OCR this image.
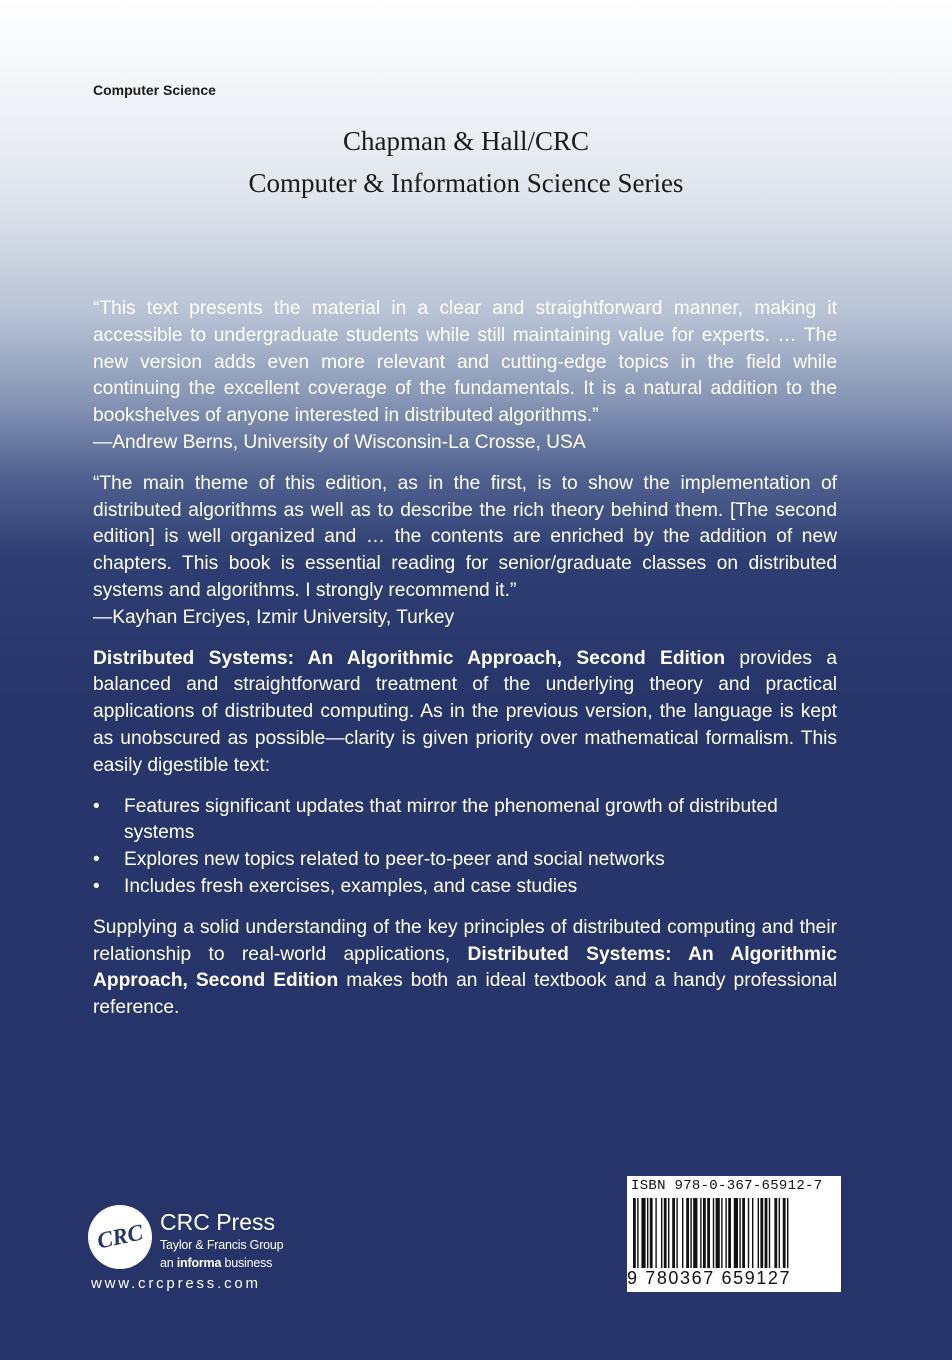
Computer Science
Chapman & Hall/CRC
Computer & Information Science Series

“This text presents the material in a clear and straightforward manner, making it accessible to undergraduate students while still maintaining value for experts. … The new version adds even more relevant and cutting-edge topics in the field while continuing the excellent coverage of the fundamentals. It is a natural addition to the bookshelves of anyone interested in distributed algorithms.”

—Andrew Berns, University of Wisconsin-La Crosse, USA

“The main theme of this edition, as in the first, is to show the implementation of distributed algorithms as well as to describe the rich theory behind them. [The second edition] is well organized and … the contents are enriched by the addition of new chapters. This book is essential reading for senior/graduate classes on distributed systems and algorithms. I strongly recommend it.”

—Kayhan Erciyes, Izmir University, Turkey

Distributed Systems: An Algorithmic Approach, Second Edition provides a balanced and straightforward treatment of the underlying theory and practical applications of distributed computing. As in the previous version, the language is kept as unobscured as possible—clarity is given priority over mathematical formalism. This easily digestible text:

• Features significant updates that mirror the phenomenal growth of distributed systems
• Explores new topics related to peer-to-peer and social networks
• Includes fresh exercises, examples, and case studies

Supplying a solid understanding of the key principles of distributed computing and their relationship to real-world applications, Distributed Systems: An Algorithmic Approach, Second Edition makes both an ideal textbook and a handy professional reference.

CRC CRC Press
Taylor & Francis Group
an informa business
www.crcpress.com
ISBN 978-0-367-65912-7
9 780367 659127
